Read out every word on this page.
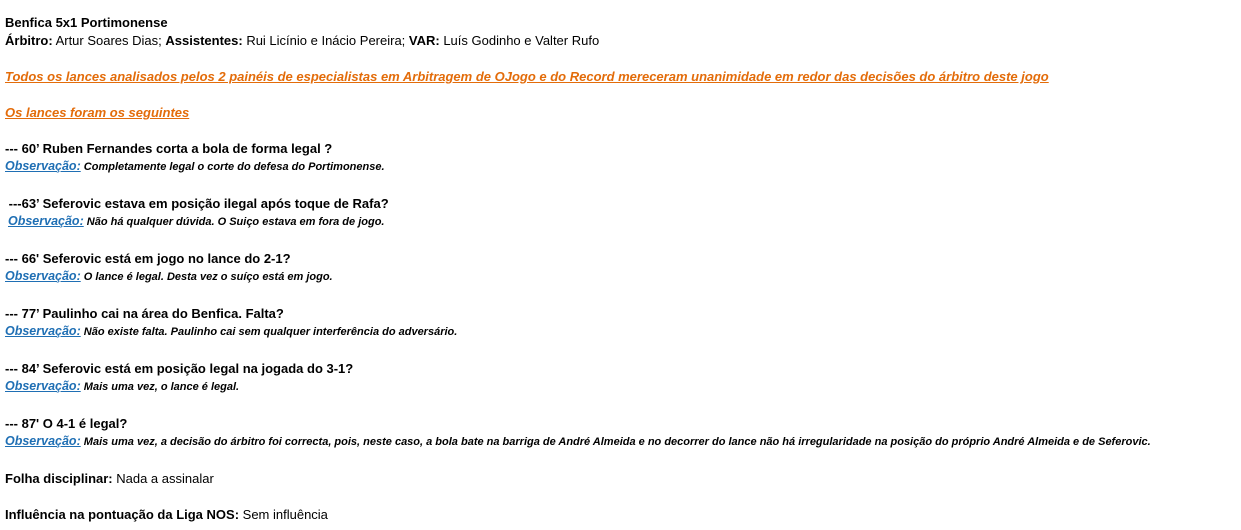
Benfica 5x1 Portimonense
Árbitro: Artur Soares Dias; Assistentes: Rui Licínio e Inácio Pereira; VAR: Luís Godinho e Valter Rufo
Todos os lances analisados pelos 2 painéis de especialistas em Arbitragem de OJogo e do Record mereceram unanimidade em redor das decisões do árbitro deste jogo
Os lances foram os seguintes
--- 60’ Ruben Fernandes corta a bola de forma legal ?
Observação: Completamente legal o corte do defesa do Portimonense.
---63’ Seferovic estava em posição ilegal após toque de Rafa?
Observação: Não há qualquer dúvida. O Suiço estava em fora de jogo.
--- 66' Seferovic está em jogo no lance do 2-1?
Observação: O lance é legal. Desta vez o suíço está em jogo.
--- 77’ Paulinho cai na área do Benfica. Falta?
Observação: Não existe falta. Paulinho cai sem qualquer interferência do adversário.
--- 84’ Seferovic está em posição legal na jogada do 3-1?
Observação: Mais uma vez, o lance é legal.
--- 87' O 4-1 é legal?
Observação: Mais uma vez, a decisão do árbitro foi correcta, pois, neste caso, a bola bate na barriga de André Almeida e no decorrer do lance não há irregularidade na posição do próprio André Almeida e de Seferovic.
Folha disciplinar: Nada a assinalar
Influência na pontuação da Liga NOS: Sem influência
